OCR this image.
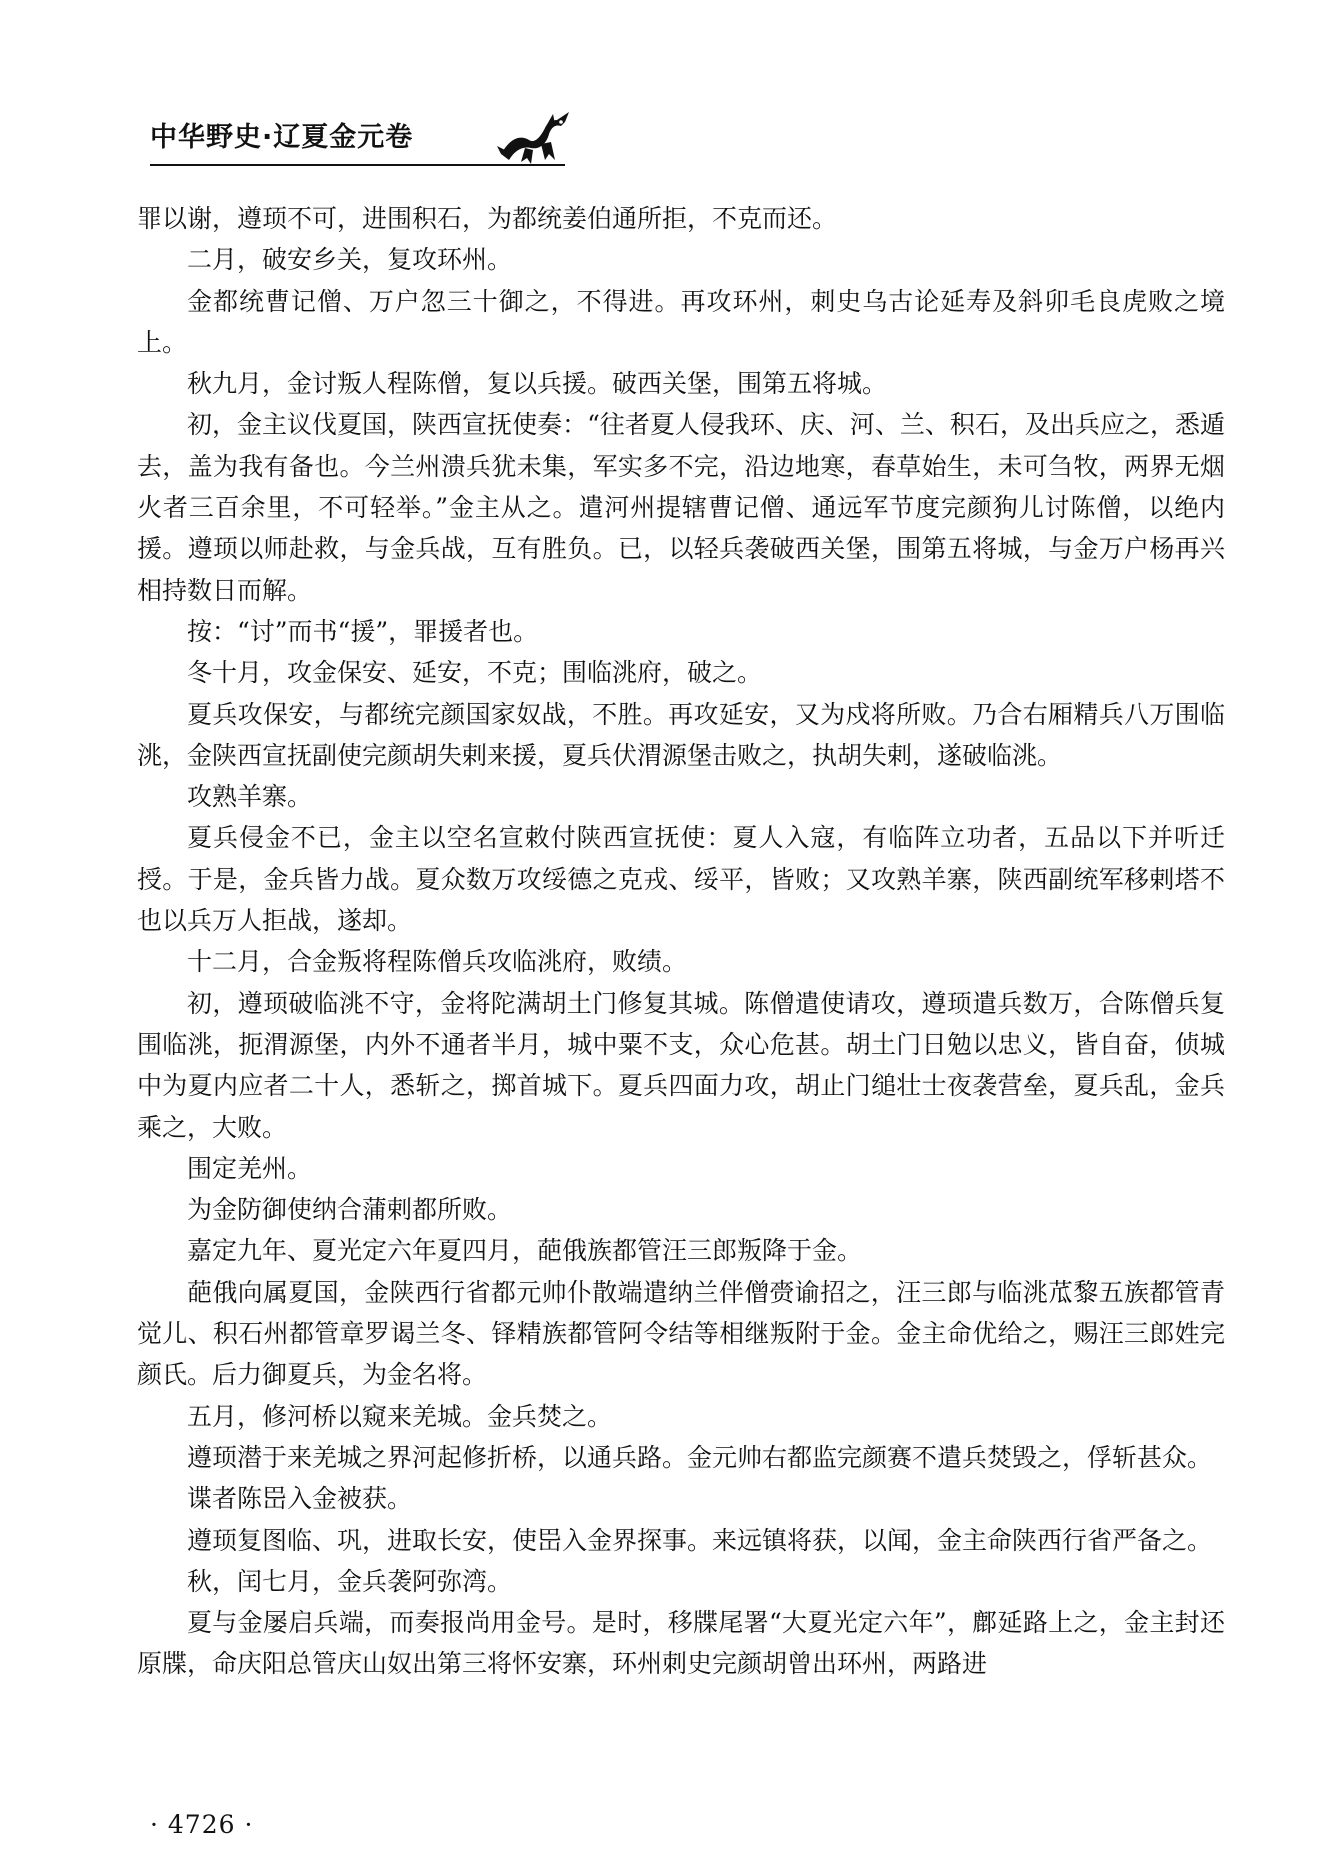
中华野史·辽夏金元卷

罪以谢，遵顼不可，进围积石，为都统姜伯通所拒，不克而还。

二月，破安乡关，复攻环州。

金都统曹记僧、万户忽三十御之，不得进。再攻环州，刺史乌古论延寿及斜卯毛良虎败之境上。

秋九月，金讨叛人程陈僧，复以兵援。破西关堡，围第五将城。

初，金主议伐夏国，陕西宣抚使奏：“往者夏人侵我环、庆、河、兰、积石，及出兵应之，悉遁去，盖为我有备也。今兰州溃兵犹未集，军实多不完，沿边地寒，春草始生，未可刍牧，两界无烟火者三百余里，不可轻举。”金主从之。遣河州提辖曹记僧、通远军节度完颜狗儿讨陈僧，以绝内援。遵顼以师赴救，与金兵战，互有胜负。已，以轻兵袭破西关堡，围第五将城，与金万户杨再兴相持数日而解。

按：“讨”而书“援”，罪援者也。

冬十月，攻金保安、延安，不克；围临洮府，破之。

夏兵攻保安，与都统完颜国家奴战，不胜。再攻延安，又为戍将所败。乃合右厢精兵八万围临洮，金陕西宣抚副使完颜胡失剌来援，夏兵伏渭源堡击败之，执胡失剌，遂破临洮。

攻熟羊寨。

夏兵侵金不已，金主以空名宣敕付陕西宣抚使：夏人入寇，有临阵立功者，五品以下并听迁授。于是，金兵皆力战。夏众数万攻绥德之克戎、绥平，皆败；又攻熟羊寨，陕西副统军移剌塔不也以兵万人拒战，遂却。

十二月，合金叛将程陈僧兵攻临洮府，败绩。

初，遵顼破临洮不守，金将陀满胡土门修复其城。陈僧遣使请攻，遵顼遣兵数万，合陈僧兵复围临洮，扼渭源堡，内外不通者半月，城中粟不支，众心危甚。胡土门日勉以忠义，皆自奋，侦城中为夏内应者二十人，悉斩之，掷首城下。夏兵四面力攻，胡止门缒壮士夜袭营垒，夏兵乱，金兵乘之，大败。

围定羌州。

为金防御使纳合蒲剌都所败。

嘉定九年、夏光定六年夏四月，葩俄族都管汪三郎叛降于金。

葩俄向属夏国，金陕西行省都元帅仆散端遣纳兰伴僧赍谕招之，汪三郎与临洮苽黎五族都管青觉儿、积石州都管章罗谒兰冬、铎精族都管阿令结等相继叛附于金。金主命优给之，赐汪三郎姓完颜氏。后力御夏兵，为金名将。

五月，修河桥以窥来羌城。金兵焚之。

遵顼潜于来羌城之界河起修折桥，以通兵路。金元帅右都监完颜赛不遣兵焚毁之，俘斩甚众。

谍者陈岊入金被获。

遵顼复图临、巩，进取长安，使岊入金界探事。来远镇将获，以闻，金主命陕西行省严备之。

秋，闰七月，金兵袭阿弥湾。

夏与金屡启兵端，而奏报尚用金号。是时，移牒尾署“大夏光定六年”，鄜延路上之，金主封还原牒，命庆阳总管庆山奴出第三将怀安寨，环州刺史完颜胡曾出环州，两路进

· 4726 ·
